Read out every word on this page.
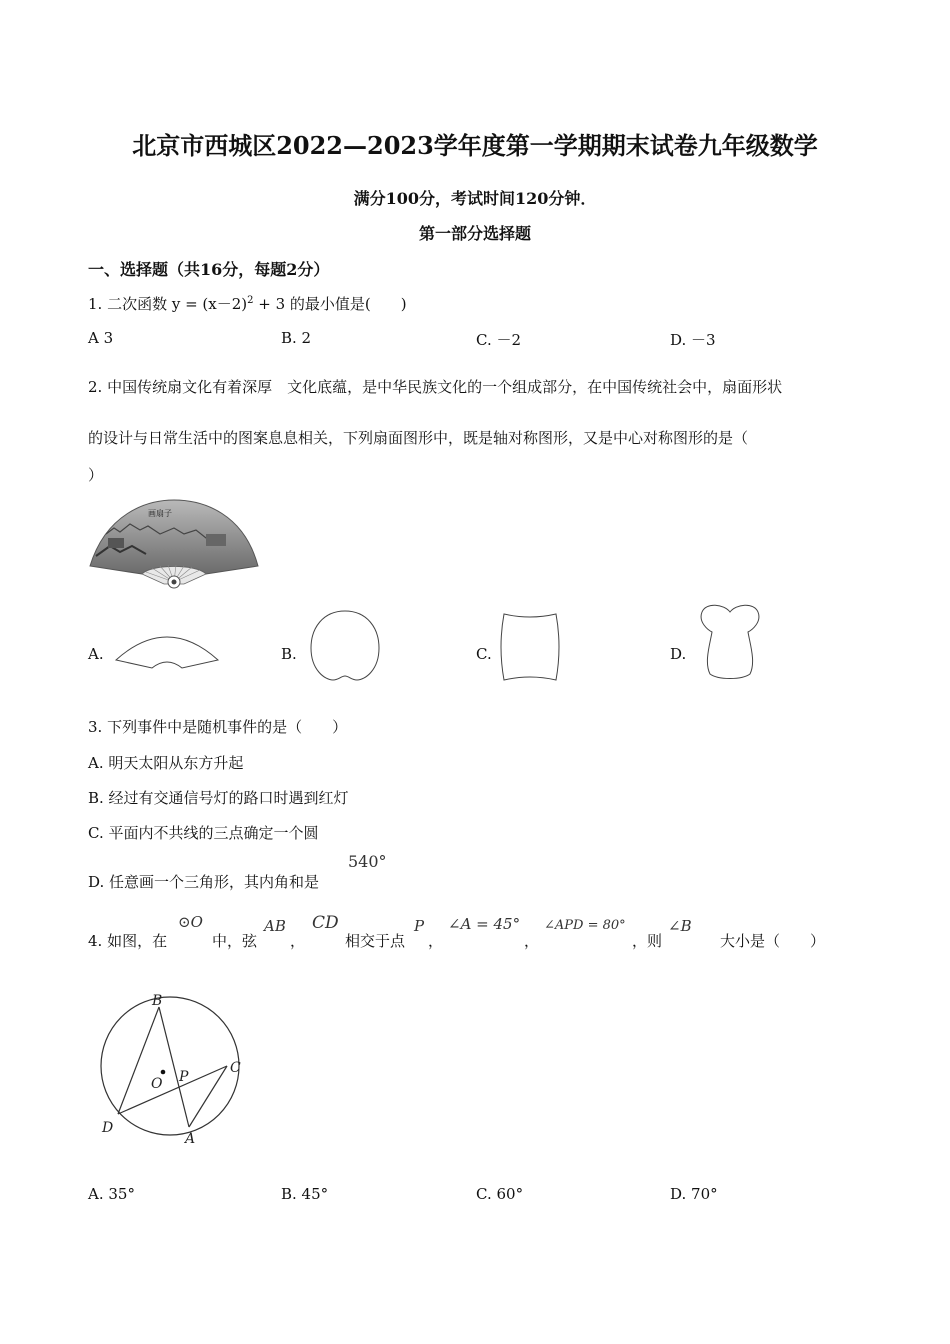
北京市西城区2022—2023学年度第一学期期末试卷九年级数学
满分100分，考试时间120分钟．
第一部分选择题
一、选择题（共16分，每题2分）
1. 二次函数 $y = (x-2)^2 + 3$ 的最小值是(　　)
A 3	B. 2	C. －2	D. －3
2. 中国传统扇文化有着深厚　文化底蕴，是中华民族文化的一个组成部分，在中国传统社会中，扇面形状
的设计与日常生活中的图案息息相关，下列扇面图形中，既是轴对称图形，又是中心对称图形的是（
）
画扇子
A.	B.	C.	D.
3. 下列事件中是随机事件的是（　　）
A. 明天太阳从东方升起
B. 经过有交通信号灯的路口时遇到红灯
C. 平面内不共线的三点确定一个圆
D. 任意画一个三角形，其内角和是
540°
4. 如图，在
⊙O
中，弦
AB
，
CD
相交于点
P
，
∠A = 45°
，
∠APD = 80°
，则
∠B
大小是（　　）
B
C
O P
D
A
A. 35°	B. 45°	C. 60°	D. 70°
